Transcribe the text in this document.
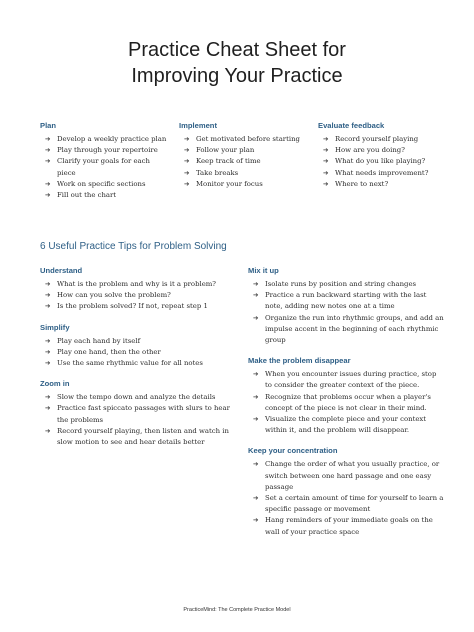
Practice Cheat Sheet for
Improving Your Practice
Plan
➔ Develop a weekly practice plan
➔ Play through your repertoire
➔ Clarify your goals for each
piece
➔ Work on specific sections
➔ Fill out the chart
Implement
➔ Get motivated before starting
➔ Follow your plan
➔ Keep track of time
➔ Take breaks
➔ Monitor your focus
Evaluate feedback
➔ Record yourself playing
➔ How are you doing?
➔ What do you like playing?
➔ What needs improvement?
➔ Where to next?
6 Useful Practice Tips for Problem Solving
Understand
➔ What is the problem and why is it a problem?
➔ How can you solve the problem?
➔ Is the problem solved? If not, repeat step 1
Simplify
➔ Play each hand by itself
➔ Play one hand, then the other
➔ Use the same rhythmic value for all notes
Zoom in
➔ Slow the tempo down and analyze the details
➔ Practice fast spiccato passages with slurs to hear the problems
➔ Record yourself playing, then listen and watch in slow motion to see and hear details better
Mix it up
➔ Isolate runs by position and string changes
➔ Practice a run backward starting with the last note, adding new notes one at a time
➔ Organize the run into rhythmic groups, and add an impulse accent in the beginning of each rhythmic group
Make the problem disappear
➔ When you encounter issues during practice, stop to consider the greater context of the piece.
➔ Recognize that problems occur when a player's concept of the piece is not clear in their mind.
➔ Visualize the complete piece and your context within it, and the problem will disappear.
Keep your concentration
➔ Change the order of what you usually practice, or switch between one hard passage and one easy passage
➔ Set a certain amount of time for yourself to learn a specific passage or movement
➔ Hang reminders of your immediate goals on the wall of your practice space
PracticeMind: The Complete Practice Model
